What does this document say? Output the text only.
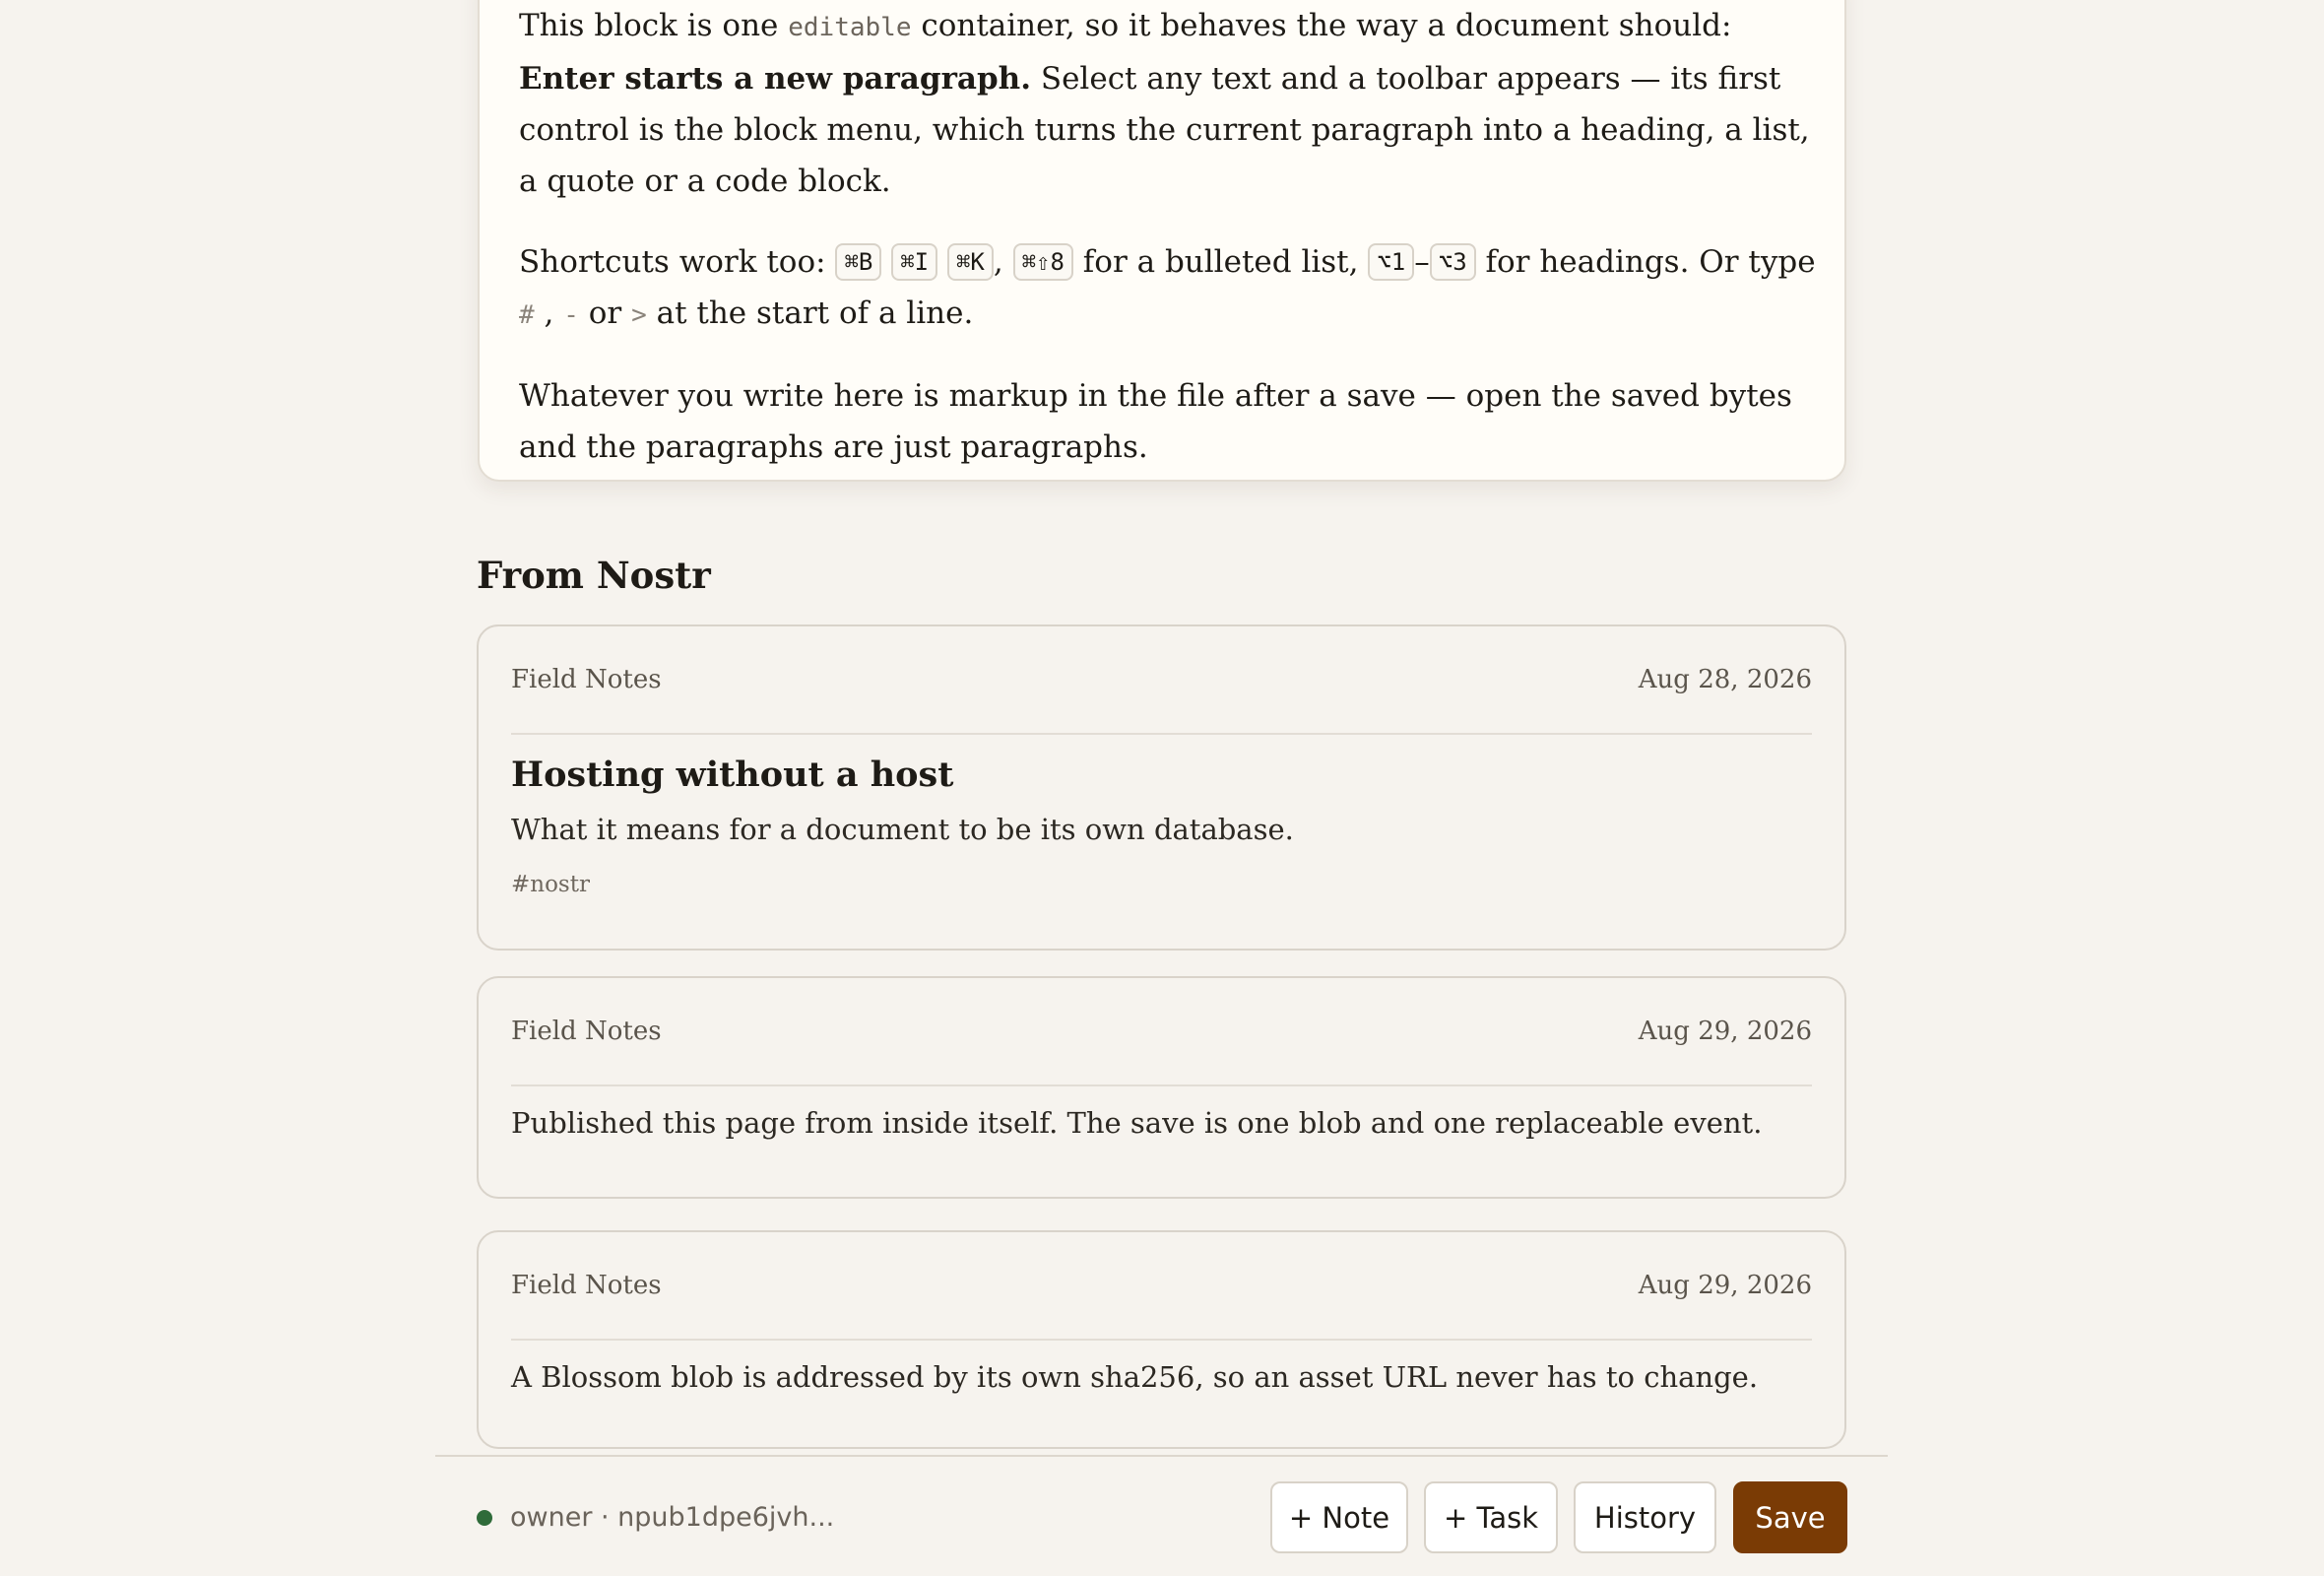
This block is one editable container, so it behaves the way a document should: Enter starts a new paragraph. Select any text and a toolbar appears — its first control is the block menu, which turns the current paragraph into a heading, a list, a quote or a code block.

Shortcuts work too: ⌘B ⌘I ⌘K , ⌘⇧8 for a bulleted list, ⌥1 – ⌥3 for headings. Or type # , - or > at the start of a line.

Whatever you write here is markup in the file after a save — open the saved bytes and the paragraphs are just paragraphs.

From Nostr
Field Notes	Aug 28, 2026
Hosting without a host
What it means for a document to be its own database.
#nostr
Field Notes	Aug 29, 2026
Published this page from inside itself. The save is one blob and one replaceable event.
Field Notes	Aug 29, 2026
A Blossom blob is addressed by its own sha256, so an asset URL never has to change.
owner · npub1dpe6jvh...	+ Note	+ Task	History	Save
